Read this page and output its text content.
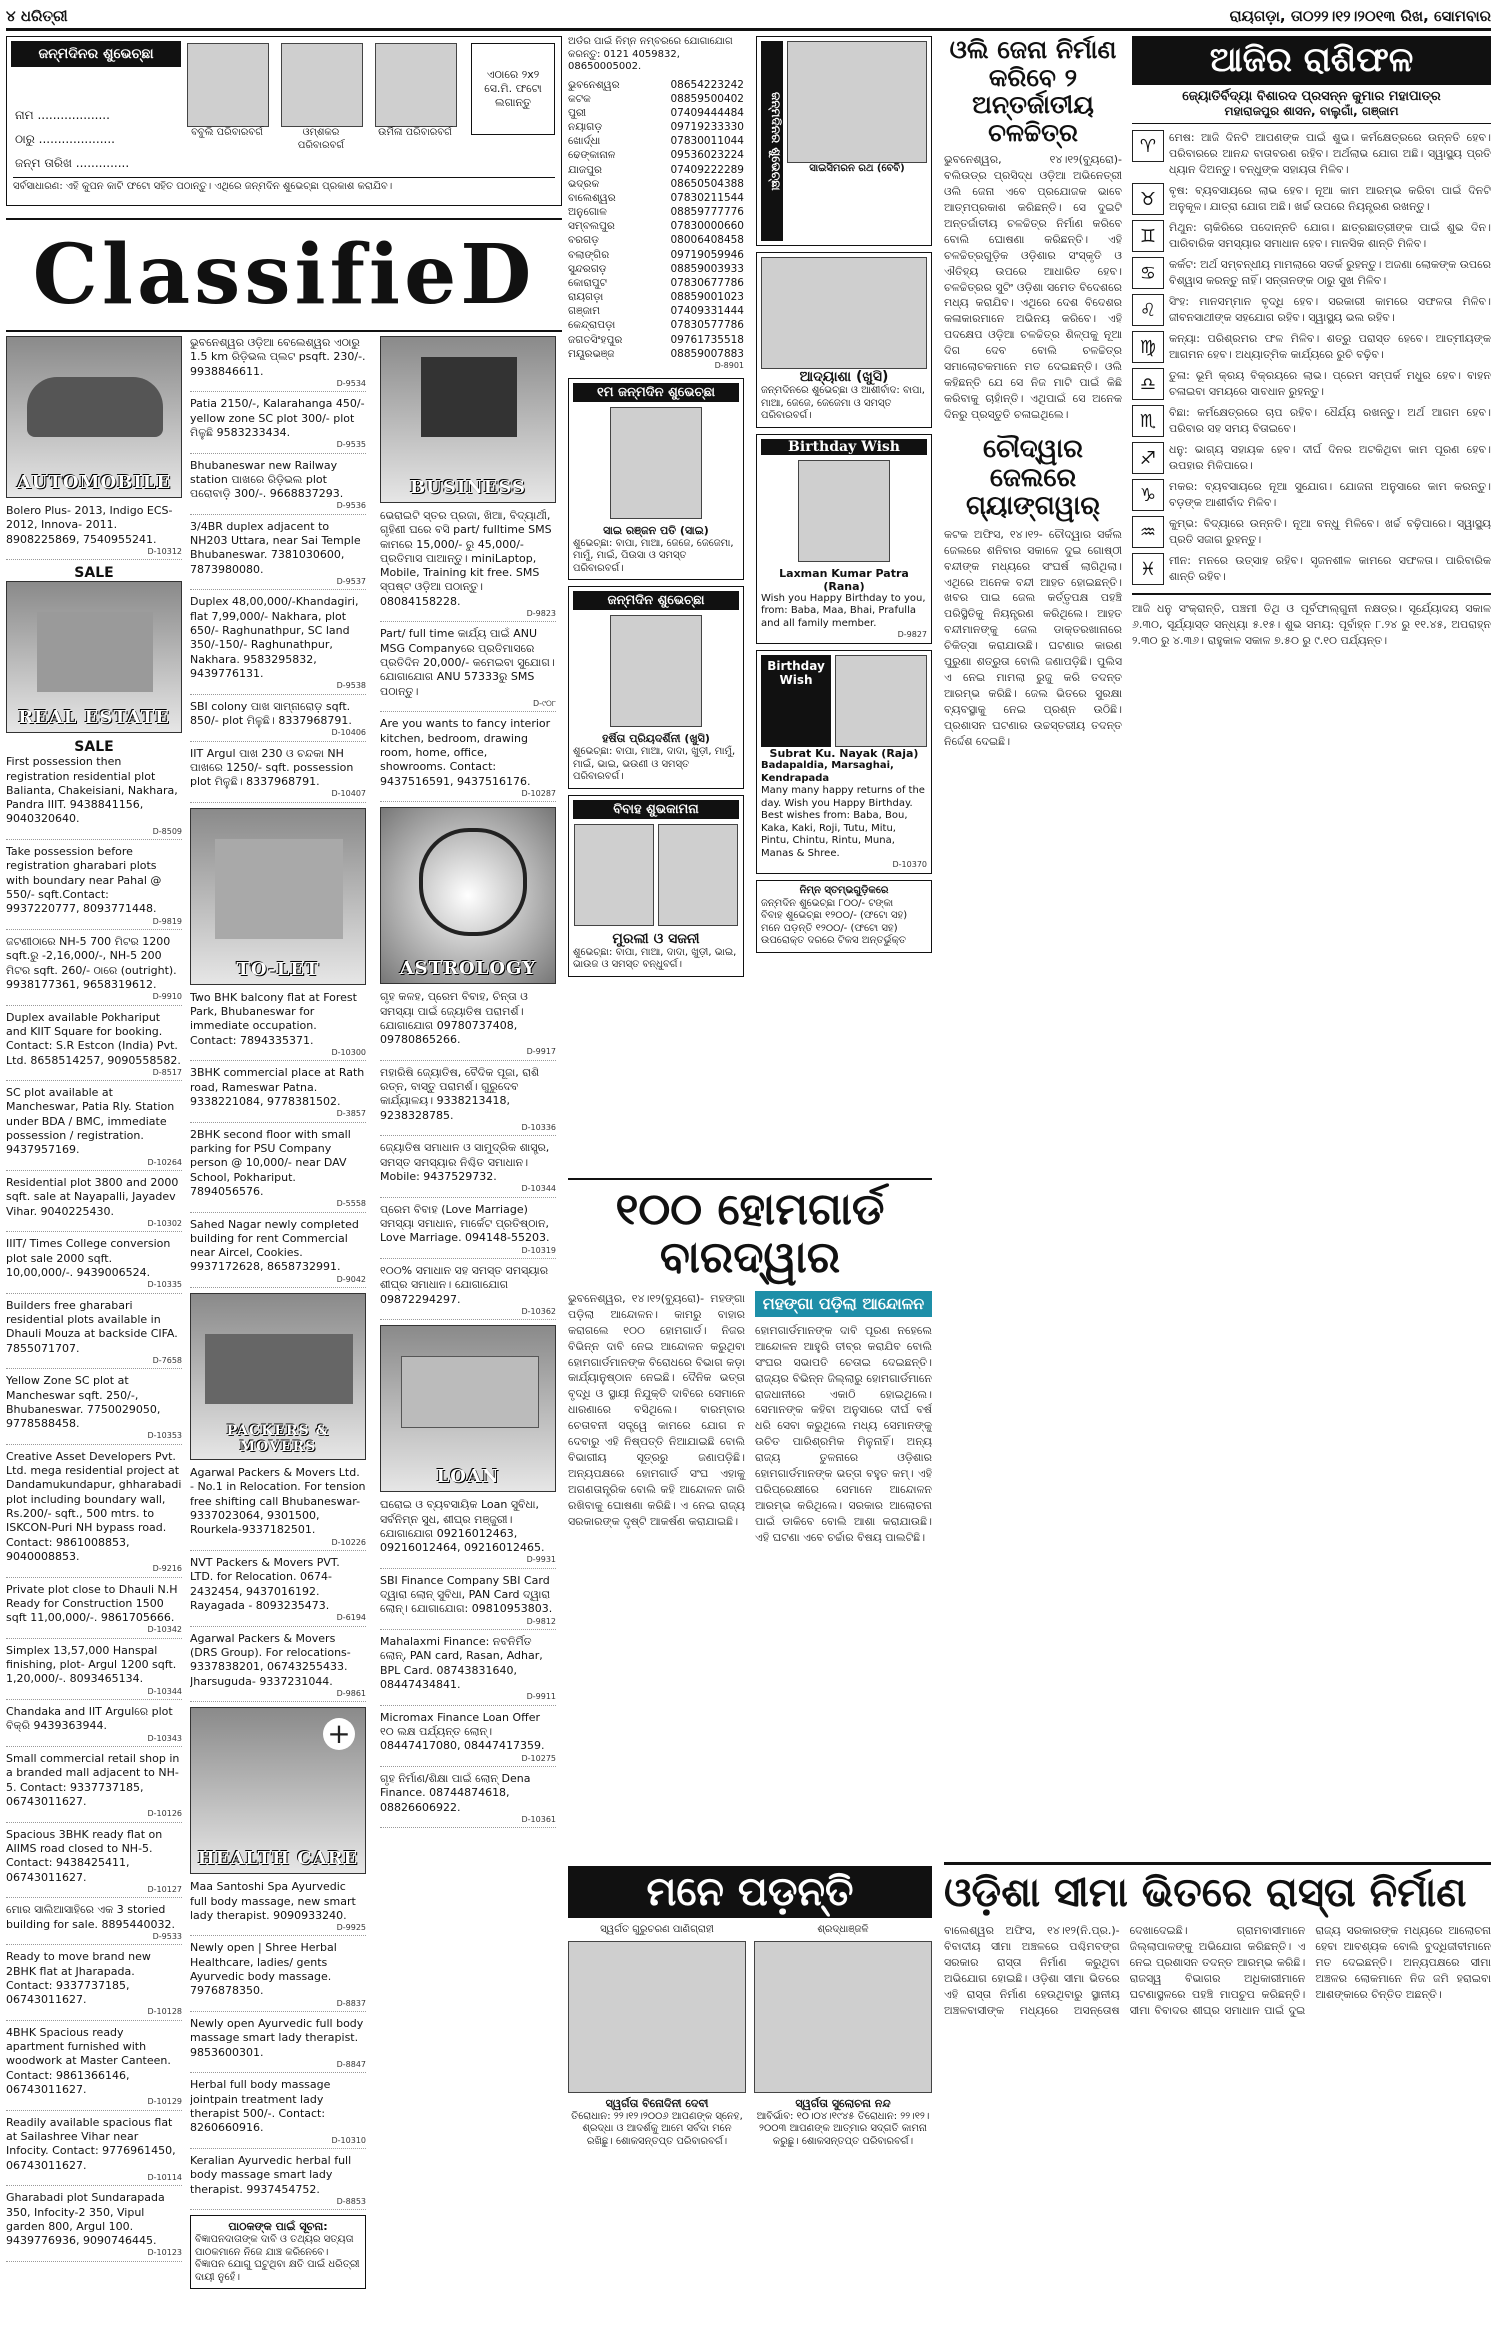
୪ ଧରିତ୍ରୀ	ରାୟଗଡ଼ା, ତା୦୨୨।୧୨।୨୦୧୩ ରିଖ, ସୋମବାର
ଜନ୍ମଦିନର ଶୁଭେଚ୍ଛା
ବବୁଲି ପରିବାରବର୍ଗ	ଓମ୍ଶକର ପରିବାରବର୍ଗ
ଉର୍ମିଳା ପରିବାରବର୍ଗ
ଏଠାରେ ୨x୨ ସେ.ମି. ଫଟୋ ଲଗାନ୍ତୁ
ନାମ ...................
ଠାରୁ ....................
ଜନ୍ମ ତାରିଖ ..............
ସର୍ବସାଧାରଣ: ଏହି କୁପନ କାଟି ଫଟୋ ସହିତ ପଠାନ୍ତୁ। ଏଥିରେ ଜନ୍ମଦିନ ଶୁଭେଚ୍ଛା ପ୍ରକାଶ କରାଯିବ।
ClassifieD
AUTOMOBILE
Bolero Plus- 2013, Indigo ECS- 2012, Innova- 2011. 8908225869, 7540955241.
D-10312
SALE
REAL ESTATE
SALE
First possession then registration residential plot Balianta, Chakeisiani, Nakhara, Pandra IIIT. 9438841156, 9040320640.
D-8509
Take possession before registration gharabari plots with boundary near Pahal @ 550/- sqft.Contact: 9937220777, 8093771448.
D-9819
ଜଟଣୀଠାରେ NH-5 700 ମିଟର 1200 sqft.ରୁ -2,16,000/-, NH-5 200 ମିଟର sqft. 260/- ଠାରେ (outright). 9938177361, 9658319612.
D-9910
Duplex available Pokhariput and KIIT Square for booking. Contact: S.R Estcon (India) Pvt. Ltd. 8658514257, 9090558582.
D-8517
SC plot available at Mancheswar, Patia Rly. Station under BDA / BMC, immediate possession / registration. 9437957169.
D-10264
Residential plot 3800 and 2000 sqft. sale at Nayapalli, Jayadev Vihar. 9040225430.
D-10302
IIIT/ Times College conversion plot sale 2000 sqft. 10,00,000/-. 9439006524.
D-10335
Builders free gharabari residential plots available in Dhauli Mouza at backside CIFA. 7855071707.
D-7658
Yellow Zone SC plot at Mancheswar sqft. 250/-, Bhubaneswar. 7750029050, 9778588458.
D-10353
Creative Asset Developers Pvt. Ltd. mega residential project at Dandamukundapur, ghharabadi plot including boundary wall, Rs.200/- sqft., 500 mtrs. to ISKCON-Puri NH bypass road. Contact: 9861008853, 9040008853.
D-9216
Private plot close to Dhauli N.H Ready for Construction 1500 sqft 11,00,000/-. 9861705666.
D-10342
Simplex 13,57,000 Hanspal finishing, plot- Argul 1200 sqft. 1,20,000/-. 8093465134.
D-10344
Chandaka and IIT Argulରେ plot ବିକ୍ରି 9439363944.
D-10343
Small commercial retail shop in a branded mall adjacent to NH- 5. Contact: 9337737185, 06743011627.
D-10126
Spacious 3BHK ready flat on AIIMS road closed to NH-5. Contact: 9438425411, 06743011627.
D-10127
ମୋର ସାଲିଆସାହିରେ ଏକ 3 storied building for sale. 8895440032.
D-9533
Ready to move brand new 2BHK flat at Jharapada. Contact: 9337737185, 06743011627.
D-10128
4BHK Spacious ready apartment furnished with woodwork at Master Canteen. Contact: 9861366146, 06743011627.
D-10129
Readily available spacious flat at Sailashree Vihar near Infocity. Contact: 9776961450, 06743011627.
D-10114
Gharabadi plot Sundarapada 350, Infocity-2 350, Vipul garden 800, Argul 100. 9439776936, 9090746445.
D-10123
ଭୁବନେଶ୍ୱର ଓଡ଼ିଆ ବେଲେଶ୍ୱର ଏଠାରୁ 1.5 km ରିଡ଼ିଭଲ ପ୍ଲଟ psqft. 230/-. 9938846611.
D-9534
Patia 2150/-, Kalarahanga 450/- yellow zone SC plot 300/- plot ମିଳୁଛି 9583233434.
D-9535
Bhubaneswar new Railway station ପାଖରେ ରିଡ଼ିଭଲ plot ପରୋବାଡ଼ି 300/-. 9668837293.
D-9536
3/4BR duplex adjacent to NH203 Uttara, near Sai Temple Bhubaneswar. 7381030600, 7873980080.
D-9537
Duplex 48,00,000/-Khandagiri, flat 7,99,000/- Nakhara, plot 650/- Raghunathpur, SC land 350/-150/- Raghunathpur, Nakhara. 9583295832, 9439776131.
D-9538
SBI colony ପାଖ ସାମ୍ନାରୋଡ଼ sqft. 850/- plot ମିଳୁଛି। 8337968791.
D-10406
IIT Argul ପାଖ 230 ଓ ଚନ୍ଦକା NH ପାଖରେ 1250/- sqft. possession plot ମିଳୁଛି। 8337968791.
D-10407
TO-LET
Two BHK balcony flat at Forest Park, Bhubaneswar for immediate occupation. Contact: 7894335371.
D-10300
3BHK commercial place at Rath road, Rameswar Patna. 9338221084, 9778381502.
D-3857
2BHK second floor with small parking for PSU Company person @ 10,000/- near DAV School, Pokhariput. 7894056576.
D-5558
Sahed Nagar newly completed building for rent Commercial near Aircel, Cookies. 9937172628, 8658732991.
D-9042
PACKERS & MOVERS
Agarwal Packers & Movers Ltd. - No.1 in Relocation. For tension free shifting call Bhubaneswar- 9337023064, 9301500, Rourkela-9337182501.
D-10226
NVT Packers & Movers PVT. LTD. for Relocation. 0674-2432454, 9437016192. Rayagada - 8093235473.
D-6194
Agarwal Packers & Movers (DRS Group). For relocations-9337838201, 06743255433. Jharsuguda- 9337231044.
D-9861
+
HEALTH CARE
Maa Santoshi Spa Ayurvedic full body massage, new smart lady therapist. 9090933240.
D-9925
Newly open | Shree Herbal Healthcare, ladies/ gents Ayurvedic body massage. 7976878350.
D-8837
Newly open Ayurvedic full body massage smart lady therapist. 9853600301.
D-8847
Herbal full body massage jointpain treatment lady therapist 500/-. Contact: 8260660916.
D-10310
Keralian Ayurvedic herbal full body massage smart lady therapist. 9937454752.
D-8853
ପାଠକଙ୍କ ପାଇଁ ସୂଚନା:
ବିଜ୍ଞାପନଦାତାଙ୍କ ଦାବି ଓ ତଥ୍ୟର ସତ୍ୟତା ପାଠକମାନେ ନିଜେ ଯାଞ୍ଚ କରିନେବେ। ବିଜ୍ଞାପନ ଯୋଗୁ ଘଟୁଥିବା କ୍ଷତି ପାଇଁ ଧରିତ୍ରୀ ଦାୟୀ ନୁହେଁ।
BUSINESS
ଭେରାଇଟି ସ୍ତର ପ୍ରଜା, ଖିଆ, ବିଦ୍ୟାର୍ଥୀ, ଗୃହିଣୀ ଘରେ ବସି part/ fulltime SMS କାମରେ 15,000/- ରୁ 45,000/- ପ୍ରତିମାସ ପାଆନ୍ତୁ। miniLaptop, Mobile, Training kit free. SMS ସ୍ପଷ୍ଟ ଓଡ଼ିଆ ପଠାନ୍ତୁ। 08084158228.
D-9823
Part/ full time କାର୍ଯ୍ୟ ପାଇଁ ANU MSG Companyରେ ପ୍ରତିମାସରେ ପ୍ରତିଦିନ 20,000/- କମେଇବା ସୁଯୋଗ। ଯୋଗାଯୋଗ ANU 57333ରୁ SMS ପଠାନ୍ତୁ।
D-୯୦୮
Are you wants to fancy interior kitchen, bedroom, drawing room, home, office, showrooms. Contact: 9437516591, 9437516176.
D-10287
ASTROLOGY
ଗୃହ କଳହ, ପ୍ରେମ ବିବାହ, ଚିନ୍ତା ଓ ସମସ୍ୟା ପାଇଁ ଜ୍ୟୋତିଷ ପରାମର୍ଶ। ଯୋଗାଯୋଗ 09780737408, 09780865266.
D-9917
ମହାରିଷି ଜ୍ୟୋତିଷ, ବୈଦିକ ପୂଜା, ରାଶି ରତ୍ନ, ବାସ୍ତୁ ପରାମର୍ଶ। ଗୁରୁଦେବ କାର୍ଯ୍ୟାଳୟ। 9338213418, 9238328785.
D-10336
ଜ୍ୟୋତିଷ ସମାଧାନ ଓ ସାମୁଦ୍ରିକ ଶାସ୍ତ୍ର, ସମସ୍ତ ସମସ୍ୟାର ନିଶ୍ଚିତ ସମାଧାନ। Mobile: 9437529732.
D-10344
ପ୍ରେମ ବିବାହ (Love Marriage) ସମସ୍ୟା ସମାଧାନ, ମାର୍କେଟ ପ୍ରତିଷ୍ଠାନ, Love Marriage. 094148-55203.
D-10319
୧୦୦% ସମାଧାନ ସହ ସମସ୍ତ ସମସ୍ୟାର ଶୀଘ୍ର ସମାଧାନ। ଯୋଗାଯୋଗ 09872294297.
D-10362
LOAN
ଘରୋଇ ଓ ବ୍ୟବସାୟିକ Loan ସୁବିଧା, ସର୍ବନିମ୍ନ ସୁଧ, ଶୀଘ୍ର ମଞ୍ଜୁରୀ। ଯୋଗାଯୋଗ 09216012463, 09216012464, 09216012465.
D-9931
SBI Finance Company SBI Card ଦ୍ୱାରା ଲୋନ୍ ସୁବିଧା, PAN Card ଦ୍ୱାରା ଲୋନ୍। ଯୋଗାଯୋଗ: 09810953803.
D-9812
Mahalaxmi Finance: ନବନିର୍ମିତ ଲୋନ୍, PAN card, Rasan, Adhar, BPL Card. 08743831640, 08447434841.
D-9911
Micromax Finance Loan Offer ୧୦ ଲକ୍ଷ ପର୍ଯ୍ୟନ୍ତ ଲୋନ୍। 08447417080, 08447417359.
D-10275
ଗୃହ ନିର୍ମାଣ/ଶିକ୍ଷା ପାଇଁ ଲୋନ୍ Dena Finance. 08744874618, 08826606922.
D-10361
ଅର୍ଡର ପାଇଁ ନିମ୍ନ ନମ୍ବରରେ ଯୋଗାଯୋଗ କରନ୍ତୁ: 0121 4059832, 08650005002.
ଭୁବନେଶ୍ୱର	08654223242
କଟକ	08859500402
ପୁରୀ	07409444484
ନୟାଗଡ଼	09719233330
ଖୋର୍ଦ୍ଧା	07830011044
ଢେଙ୍କାନାଳ	09536023224
ଯାଜପୁର	07409222289
ଭଦ୍ରକ	08650504388
ବାଲେଶ୍ୱର	07830211544
ଅନୁଗୋଳ	08859777776
ସମ୍ବଲପୁର	07830000660
ବରଗଡ଼	08006408458
ବଲାଙ୍ଗିର	09719059946
ସୁନ୍ଦରଗଡ଼	08859003933
କୋରାପୁଟ	07830677786
ରାୟଗଡ଼ା	08859001023
ଗଞ୍ଜାମ	07409331444
କେନ୍ଦ୍ରାପଡ଼ା	07830577786
ଜଗତସିଂହପୁର	09761735518
ମୟୂରଭଞ୍ଜ	08859007883
D-8901
୧ମ ଜନ୍ମଦିନ ଶୁଭେଚ୍ଛା
ସାଇ ରଞ୍ଜନ ପତି (ସାଇ)
ଶୁଭେଚ୍ଛା: ବାପା, ମାଆ, ଜେଜେ, ଜେଜେମା, ମାମୁଁ, ମାଇଁ, ପିଉସା ଓ ସମସ୍ତ ପରିବାରବର୍ଗ।
ଜନ୍ମଦିନ ଶୁଭେଚ୍ଛା
ହର୍ଷିତା ପ୍ରିୟଦର୍ଶିନୀ (ଖୁସି)
ଶୁଭେଚ୍ଛା: ବାପା, ମାଆ, ଦାଦା, ଖୁଡ଼ୀ, ମାମୁଁ, ମାଇଁ, ଭାଇ, ଭଉଣୀ ଓ ସମସ୍ତ ପରିବାରବର୍ଗ।
ବିବାହ ଶୁଭକାମନା
ମୁରଲୀ ଓ ସଜନୀ
ଶୁଭେଚ୍ଛା: ବାପା, ମାଆ, ଦାଦା, ଖୁଡ଼ୀ, ଭାଇ, ଭାଉଜ ଓ ସମସ୍ତ ବନ୍ଧୁବର୍ଗ।
ଜନ୍ମଦିନର ଶୁଭେଚ୍ଛା	ସାଇସିମରନ ରଥ (ବେବି)
ଆଦ୍ୟାଶା (ଖୁସି)
ଜନ୍ମଦିନରେ ଶୁଭେଚ୍ଛା ଓ ଆଶୀର୍ବାଦ: ବାପା, ମାଆ, ଜେଜେ, ଜେଜେମା ଓ ସମସ୍ତ ପରିବାରବର୍ଗ।
Birthday Wish
Laxman Kumar Patra (Rana)
Wish you Happy Birthday to you, from: Baba, Maa, Bhai, Prafulla and all family member.
D-9827
Birthday Wish
Subrat Ku. Nayak (Raja)
Badapaldia, Marsaghai, Kendrapada
Many many happy returns of the day. Wish you Happy Birthday. Best wishes from: Baba, Bou, Kaka, Kaki, Roji, Tutu, Mitu, Pintu, Chintu, Rintu, Muna, Manas & Shree.
D-10370
ନିମ୍ନ ସ୍ତମ୍ଭଗୁଡ଼ିକରେ
ଜନ୍ମଦିନ ଶୁଭେଚ୍ଛା ୮୦୦/- ଟଙ୍କା
ବିବାହ ଶୁଭେଚ୍ଛା ୧୨୦୦/- (ଫଟୋ ସହ)
ମନେ ପଡ଼ନ୍ତି ୧୨୦୦/- (ଫଟୋ ସହ)
ଉପରୋକ୍ତ ଦରରେ ଟିକସ ଅନ୍ତର୍ଭୁକ୍ତ
ଓଲି ଜେନା ନିର୍ମାଣ କରିବେ ୨ ଅନ୍ତର୍ଜାତୀୟ ଚଳଚ୍ଚିତ୍ର
ଭୁବନେଶ୍ୱର, ୧୪।୧୨(ବ୍ୟୁରୋ)- ବଲିଉଡ୍‌ର ପ୍ରସିଦ୍ଧ ଓଡ଼ିଆ ଅଭିନେତ୍ରୀ ଓଲି ଜେନା ଏବେ ପ୍ରଯୋଜକ ଭାବେ ଆତ୍ମପ୍ରକାଶ କରିଛନ୍ତି। ସେ ଦୁଇଟି ଅନ୍ତର୍ଜାତୀୟ ଚଳଚ୍ଚିତ୍ର ନିର୍ମାଣ କରିବେ ବୋଲି ଘୋଷଣା କରିଛନ୍ତି। ଏହି ଚଳଚ୍ଚିତ୍ରଗୁଡ଼ିକ ଓଡ଼ିଶାର ସଂସ୍କୃତି ଓ ଐତିହ୍ୟ ଉପରେ ଆଧାରିତ ହେବ। ଚଳଚ୍ଚିତ୍ରର ସୁଟିଂ ଓଡ଼ିଶା ସମେତ ବିଦେଶରେ ମଧ୍ୟ କରାଯିବ। ଏଥିରେ ଦେଶ ବିଦେଶର କଳାକାରମାନେ ଅଭିନୟ କରିବେ। ଏହି ପଦକ୍ଷେପ ଓଡ଼ିଆ ଚଳଚ୍ଚିତ୍ର ଶିଳ୍ପକୁ ନୂଆ ଦିଗ ଦେବ ବୋଲି ଚଳଚ୍ଚିତ୍ର ସମାଲୋଚକମାନେ ମତ ଦେଇଛନ୍ତି। ଓଲି କହିଛନ୍ତି ଯେ ସେ ନିଜ ମାଟି ପାଇଁ କିଛି କରିବାକୁ ଚାହାଁନ୍ତି। ଏଥିପାଇଁ ସେ ଅନେକ ଦିନରୁ ପ୍ରସ୍ତୁତି ଚଳାଇଥିଲେ।
ଚୌଦ୍ୱାର ଜେଲରେ ଗ୍ୟାଙ୍ଗୱାର୍‌
କଟକ ଅଫିସ, ୧୪।୧୨- ଚୌଦ୍ୱାର ସର୍କଲ ଜେଲରେ ଶନିବାର ସକାଳେ ଦୁଇ ଗୋଷ୍ଠୀ ବନ୍ଦୀଙ୍କ ମଧ୍ୟରେ ସଂଘର୍ଷ ଲାଗିଥିଲା। ଏଥିରେ ଅନେକ ବନ୍ଦୀ ଆହତ ହୋଇଛନ୍ତି। ଖବର ପାଇ ଜେଲ କର୍ତ୍ତୃପକ୍ଷ ପହଞ୍ଚି ପରିସ୍ଥିତିକୁ ନିୟନ୍ତ୍ରଣ କରିଥିଲେ। ଆହତ ବନ୍ଦୀମାନଙ୍କୁ ଜେଲ ଡାକ୍ତରଖାନାରେ ଚିକିତ୍ସା କରାଯାଉଛି। ଘଟଣାର କାରଣ ପୁରୁଣା ଶତ୍ରୁତା ବୋଲି ଜଣାପଡ଼ିଛି। ପୁଲିସ ଏ ନେଇ ମାମଲା ରୁଜୁ କରି ତଦନ୍ତ ଆରମ୍ଭ କରିଛି। ଜେଲ ଭିତରେ ସୁରକ୍ଷା ବ୍ୟବସ୍ଥାକୁ ନେଇ ପ୍ରଶ୍ନ ଉଠିଛି। ପ୍ରଶାସନ ଘଟଣାର ଉଚ୍ଚସ୍ତରୀୟ ତଦନ୍ତ ନିର୍ଦ୍ଦେଶ ଦେଇଛି।
୧୦୦ ହୋମଗାର୍ଡ ବାରଦ୍ୱାର
ଭୁବନେଶ୍ୱର, ୧୪।୧୨(ବ୍ୟୁରୋ)- ମହଙ୍ଗା ପଡ଼ିଲା ଆନ୍ଦୋଳନ। କାମରୁ ବାହାର କରାଗଲେ ୧୦୦ ହୋମଗାର୍ଡ। ନିଜର ବିଭିନ୍ନ ଦାବି ନେଇ ଆନ୍ଦୋଳନ କରୁଥିବା ହୋମଗାର୍ଡମାନଙ୍କ ବିରୋଧରେ ବିଭାଗ କଡ଼ା କାର୍ଯ୍ୟାନୁଷ୍ଠାନ ନେଇଛି। ଦୈନିକ ଭତ୍ତା ବୃଦ୍ଧି ଓ ସ୍ଥାୟୀ ନିଯୁକ୍ତି ଦାବିରେ ସେମାନେ ଧାରଣାରେ ବସିଥିଲେ। ବାରମ୍ବାର ଚେତାବନୀ ସତ୍ତ୍ୱେ କାମରେ ଯୋଗ ନ ଦେବାରୁ ଏହି ନିଷ୍ପତ୍ତି ନିଆଯାଇଛି ବୋଲି ବିଭାଗୀୟ ସୂତ୍ରରୁ ଜଣାପଡ଼ିଛି। ଅନ୍ୟପକ୍ଷରେ ହୋମଗାର୍ଡ ସଂଘ ଏହାକୁ ଅଗଣତାନ୍ତ୍ରିକ ବୋଲି କହି ଆନ୍ଦୋଳନ ଜାରି ରଖିବାକୁ ଘୋଷଣା କରିଛି। ଏ ନେଇ ରାଜ୍ୟ ସରକାରଙ୍କ ଦୃଷ୍ଟି ଆକର୍ଷଣ କରାଯାଇଛି।
ମହଙ୍ଗା ପଡ଼ିଲା ଆନ୍ଦୋଳନ
ହୋମଗାର୍ଡମାନଙ୍କ ଦାବି ପୂରଣ ନହେଲେ ଆନ୍ଦୋଳନ ଆହୁରି ତୀବ୍ର କରାଯିବ ବୋଲି ସଂଘର ସଭାପତି ଚେତାଇ ଦେଇଛନ୍ତି। ରାଜ୍ୟର ବିଭିନ୍ନ ଜିଲ୍ଲାରୁ ହୋମଗାର୍ଡମାନେ ରାଜଧାନୀରେ ଏକାଠି ହୋଇଥିଲେ। ସେମାନଙ୍କ କହିବା ଅନୁସାରେ ଦୀର୍ଘ ବର୍ଷ ଧରି ସେବା କରୁଥିଲେ ମଧ୍ୟ ସେମାନଙ୍କୁ ଉଚିତ ପାରିଶ୍ରମିକ ମିଳୁନାହିଁ। ଅନ୍ୟ ରାଜ୍ୟ ତୁଳନାରେ ଓଡ଼ିଶାର ହୋମଗାର୍ଡମାନଙ୍କ ଭତ୍ତା ବହୁତ କମ୍। ଏହି ପରିପ୍ରେକ୍ଷୀରେ ସେମାନେ ଆନ୍ଦୋଳନ ଆରମ୍ଭ କରିଥିଲେ। ସରକାର ଆଲୋଚନା ପାଇଁ ଡାକିବେ ବୋଲି ଆଶା କରାଯାଉଛି। ଏହି ଘଟଣା ଏବେ ଚର୍ଚ୍ଚାର ବିଷୟ ପାଲଟିଛି।
ମନେ ପଡ଼ନ୍ତି
ସ୍ୱର୍ଗତ ଗୁରୁଚରଣ ପାଣିଗ୍ରାହୀ
ସ୍ୱର୍ଗତା ବିନୋଦିନୀ ଦେବୀ
ତିରୋଧାନ: ୨୨।୧୨।୨୦୦୬ ଆପଣଙ୍କ ସ୍ନେହ, ଶ୍ରଦ୍ଧା ଓ ଆଦର୍ଶକୁ ଆମେ ସର୍ବଦା ମନେ ରଖିଛୁ। ଶୋକସନ୍ତପ୍ତ ପରିବାରବର୍ଗ।
ଶ୍ରଦ୍ଧାଞ୍ଜଳି
ସ୍ୱର୍ଗତା ସୁଲୋଚନା ନନ୍ଦ
ଆବିର୍ଭାବ: ୧୦।୦୪।୧୯୪୫ ତିରୋଧାନ: ୨୨।୧୨।୨୦୦୩ ଆପଣଙ୍କ ଆତ୍ମାର ସଦ୍‌ଗତି କାମନା କରୁଛୁ। ଶୋକସନ୍ତପ୍ତ ପରିବାରବର୍ଗ।
ଆଜିର ରାଶିଫଳ
ଜ୍ୟୋତିର୍ବିଦ୍ୟା ବିଶାରଦ ପ୍ରସନ୍ନ କୁମାର ମହାପାତ୍ର
ମହାରାଜପୁର ଶାସନ, ବାଲୁଗାଁ, ଗଞ୍ଜାମ
♈	ମେଷ: ଆଜି ଦିନଟି ଆପଣଙ୍କ ପାଇଁ ଶୁଭ। କର୍ମକ୍ଷେତ୍ରରେ ଉନ୍ନତି ହେବ। ପରିବାରରେ ଆନନ୍ଦ ବାତାବରଣ ରହିବ। ଅର୍ଥଲାଭ ଯୋଗ ଅଛି। ସ୍ୱାସ୍ଥ୍ୟ ପ୍ରତି ଧ୍ୟାନ ଦିଅନ୍ତୁ। ବନ୍ଧୁଙ୍କ ସହାୟତା ମିଳିବ।
♉	ବୃଷ: ବ୍ୟବସାୟରେ ଲାଭ ହେବ। ନୂଆ କାମ ଆରମ୍ଭ କରିବା ପାଇଁ ଦିନଟି ଅନୁକୂଳ। ଯାତ୍ରା ଯୋଗ ଅଛି। ଖର୍ଚ୍ଚ ଉପରେ ନିୟନ୍ତ୍ରଣ ରଖନ୍ତୁ।
♊	ମିଥୁନ: ଚାକିରିରେ ପଦୋନ୍ନତି ଯୋଗ। ଛାତ୍ରଛାତ୍ରୀଙ୍କ ପାଇଁ ଶୁଭ ଦିନ। ପାରିବାରିକ ସମସ୍ୟାର ସମାଧାନ ହେବ। ମାନସିକ ଶାନ୍ତି ମିଳିବ।
♋	କର୍କଟ: ଅର୍ଥ ସମ୍ବନ୍ଧୀୟ ମାମଲାରେ ସତର୍କ ରୁହନ୍ତୁ। ଅଜଣା ଲୋକଙ୍କ ଉପରେ ବିଶ୍ୱାସ କରନ୍ତୁ ନାହିଁ। ସନ୍ତାନଙ୍କ ଠାରୁ ସୁଖ ମିଳିବ।
♌	ସିଂହ: ମାନସମ୍ମାନ ବୃଦ୍ଧି ହେବ। ସରକାରୀ କାମରେ ସଫଳତା ମିଳିବ। ଜୀବନସାଥୀଙ୍କ ସହଯୋଗ ରହିବ। ସ୍ୱାସ୍ଥ୍ୟ ଭଲ ରହିବ।
♍	କନ୍ୟା: ପରିଶ୍ରମର ଫଳ ମିଳିବ। ଶତ୍ରୁ ପରାସ୍ତ ହେବେ। ଆତ୍ମୀୟଙ୍କ ଆଗମନ ହେବ। ଅଧ୍ୟାତ୍ମିକ କାର୍ଯ୍ୟରେ ରୁଚି ବଢ଼ିବ।
♎	ତୁଳା: ଭୂମି କ୍ରୟ ବିକ୍ରୟରେ ଲାଭ। ପ୍ରେମ ସମ୍ପର୍କ ମଧୁର ହେବ। ବାହନ ଚଳାଇବା ସମୟରେ ସାବଧାନ ରୁହନ୍ତୁ।
♏	ବିଛା: କର୍ମକ୍ଷେତ୍ରରେ ଚାପ ରହିବ। ଧୈର୍ଯ୍ୟ ରଖନ୍ତୁ। ଅର୍ଥ ଆଗମ ହେବ। ପରିବାର ସହ ସମୟ ବିତାଇବେ।
♐	ଧନୁ: ଭାଗ୍ୟ ସହାୟକ ହେବ। ଦୀର୍ଘ ଦିନର ଅଟକିଥିବା କାମ ପୂରଣ ହେବ। ଉପହାର ମିଳିପାରେ।
♑	ମକର: ବ୍ୟବସାୟରେ ନୂଆ ସୁଯୋଗ। ଯୋଜନା ଅନୁସାରେ କାମ କରନ୍ତୁ। ବଡ଼ଙ୍କ ଆଶୀର୍ବାଦ ମିଳିବ।
♒	କୁମ୍ଭ: ବିଦ୍ୟାରେ ଉନ୍ନତି। ନୂଆ ବନ୍ଧୁ ମିଳିବେ। ଖର୍ଚ୍ଚ ବଢ଼ିପାରେ। ସ୍ୱାସ୍ଥ୍ୟ ପ୍ରତି ସଜାଗ ରୁହନ୍ତୁ।
♓	ମୀନ: ମନରେ ଉତ୍ସାହ ରହିବ। ସୃଜନଶୀଳ କାମରେ ସଫଳତା। ପାରିବାରିକ ଶାନ୍ତି ରହିବ।
ଆଜି ଧନୁ ସଂକ୍ରାନ୍ତି, ପଞ୍ଚମୀ ତିଥି ଓ ପୂର୍ବଫାଲ୍‌ଗୁନୀ ନକ୍ଷତ୍ର। ସୂର୍ଯ୍ୟୋଦୟ ସକାଳ ୬.୩୦, ସୂର୍ଯ୍ୟାସ୍ତ ସନ୍ଧ୍ୟା ୫.୧୫। ଶୁଭ ସମୟ: ପୂର୍ବାହ୍ନ ୮.୨୪ ରୁ ୧୧.୪୫, ଅପରାହ୍ନ ୨.୩୦ ରୁ ୪.୩୬। ରାହୁକାଳ ସକାଳ ୭.୫୦ ରୁ ୯.୧୦ ପର୍ଯ୍ୟନ୍ତ।
ଓଡ଼ିଶା ସୀମା ଭିତରେ ରାସ୍ତା ନିର୍ମାଣ
ବାଲେଶ୍ୱର ଅଫିସ, ୧୪।୧୨(ନି.ପ୍ର.)- ବିବାଦୀୟ ସୀମା ଅଞ୍ଚଳରେ ପଶ୍ଚିମବଙ୍ଗ ସରକାର ରାସ୍ତା ନିର୍ମାଣ କରୁଥିବା ଅଭିଯୋଗ ହୋଇଛି। ଓଡ଼ିଶା ସୀମା ଭିତରେ ଏହି ରାସ୍ତା ନିର୍ମାଣ ହେଉଥିବାରୁ ସ୍ଥାନୀୟ ଅଞ୍ଚଳବାସୀଙ୍କ ମଧ୍ୟରେ ଅସନ୍ତୋଷ ଦେଖାଦେଇଛି। ଗ୍ରାମବାସୀମାନେ ଜିଲ୍ଲାପାଳଙ୍କୁ ଅଭିଯୋଗ କରିଛନ୍ତି। ଏ ନେଇ ପ୍ରଶାସନ ତଦନ୍ତ ଆରମ୍ଭ କରିଛି। ରାଜସ୍ୱ ବିଭାଗର ଅଧିକାରୀମାନେ ଘଟଣାସ୍ଥଳରେ ପହଞ୍ଚି ମାପଚୁପ କରିଛନ୍ତି। ସୀମା ବିବାଦର ଶୀଘ୍ର ସମାଧାନ ପାଇଁ ଦୁଇ ରାଜ୍ୟ ସରକାରଙ୍କ ମଧ୍ୟରେ ଆଲୋଚନା ହେବା ଆବଶ୍ୟକ ବୋଲି ବୁଦ୍ଧିଜୀବୀମାନେ ମତ ଦେଇଛନ୍ତି। ଅନ୍ୟପକ୍ଷରେ ସୀମା ଅଞ୍ଚଳର ଲୋକମାନେ ନିଜ ଜମି ହରାଇବା ଆଶଙ୍କାରେ ଚିନ୍ତିତ ଅଛନ୍ତି।
